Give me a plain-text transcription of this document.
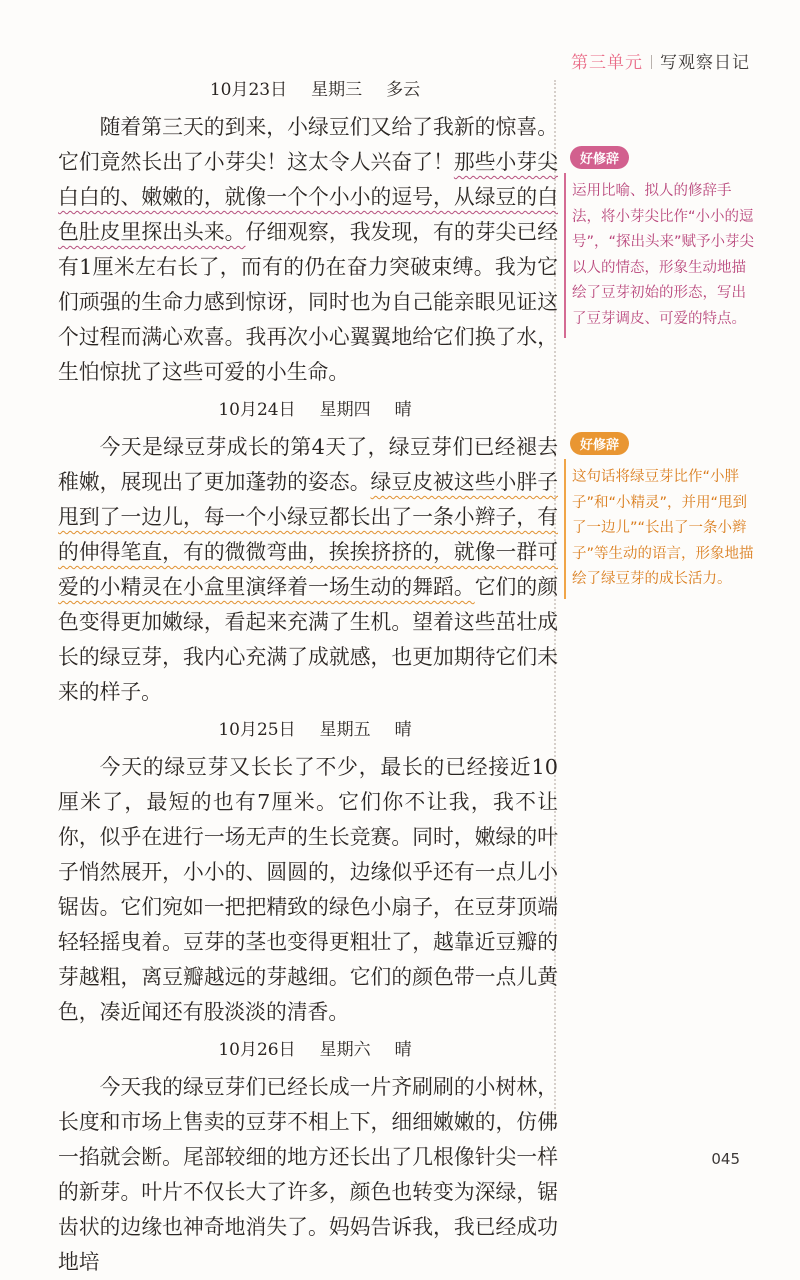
第三单元 写观察日记
10月23日 星期三 多云

随着第三天的到来，小绿豆们又给了我新的惊喜。它们竟然长出了小芽尖！这太令人兴奋了！那些小芽尖白白的、嫩嫩的，就像一个个小小的逗号，从绿豆的白色肚皮里探出头来。仔细观察，我发现，有的芽尖已经有1厘米左右长了，而有的仍在奋力突破束缚。我为它们顽强的生命力感到惊讶，同时也为自己能亲眼见证这个过程而满心欢喜。我再次小心翼翼地给它们换了水，生怕惊扰了这些可爱的小生命。

10月24日 星期四 晴

今天是绿豆芽成长的第4天了，绿豆芽们已经褪去稚嫩，展现出了更加蓬勃的姿态。绿豆皮被这些小胖子甩到了一边儿，每一个小绿豆都长出了一条小辫子，有的伸得笔直，有的微微弯曲，挨挨挤挤的，就像一群可爱的小精灵在小盒里演绎着一场生动的舞蹈。它们的颜色变得更加嫩绿，看起来充满了生机。望着这些茁壮成长的绿豆芽，我内心充满了成就感，也更加期待它们未来的样子。

10月25日 星期五 晴

今天的绿豆芽又长长了不少，最长的已经接近10厘米了，最短的也有7厘米。它们你不让我，我不让你，似乎在进行一场无声的生长竞赛。同时，嫩绿的叶子悄然展开，小小的、圆圆的，边缘似乎还有一点儿小锯齿。它们宛如一把把精致的绿色小扇子，在豆芽顶端轻轻摇曳着。豆芽的茎也变得更粗壮了，越靠近豆瓣的芽越粗，离豆瓣越远的芽越细。它们的颜色带一点儿黄色，凑近闻还有股淡淡的清香。

10月26日 星期六 晴

今天我的绿豆芽们已经长成一片齐刷刷的小树林，长度和市场上售卖的豆芽不相上下，细细嫩嫩的，仿佛一掐就会断。尾部较细的地方还长出了几根像针尖一样的新芽。叶片不仅长大了许多，颜色也转变为深绿，锯齿状的边缘也神奇地消失了。妈妈告诉我，我已经成功地培

好修辞

运用比喻、拟人的修辞手法，将小芽尖比作“小小的逗号”，“探出头来”赋予小芽尖以人的情态，形象生动地描绘了豆芽初始的形态，写出了豆芽调皮、可爱的特点。

好修辞

这句话将绿豆芽比作“小胖子”和“小精灵”，并用“甩到了一边儿”“长出了一条小辫子”等生动的语言，形象地描绘了绿豆芽的成长活力。

045
